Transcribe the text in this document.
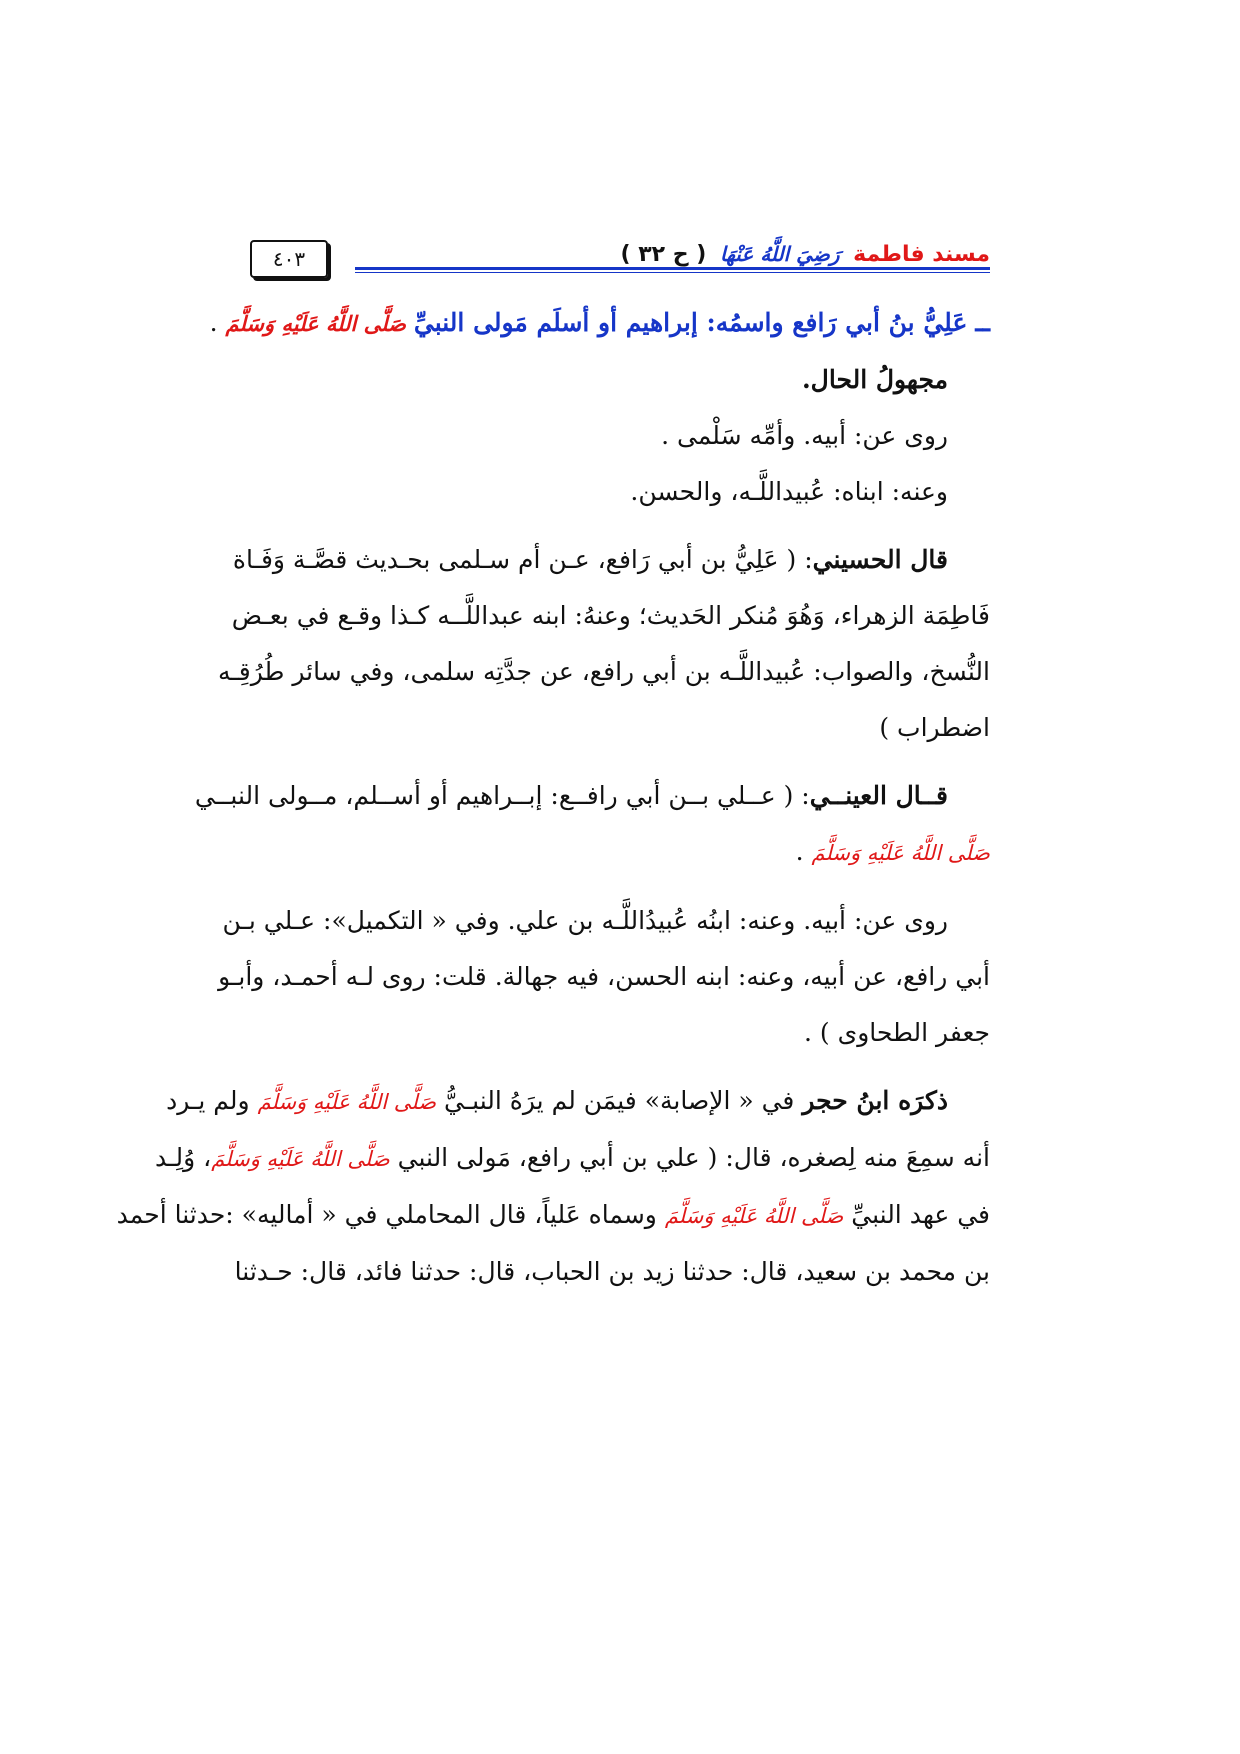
مسند فاطمة رَضِيَ اللَّهُ عَنْهَا ( ح ٣٢ )
٤٠٣

ــ عَلِيُّ بنُ أبي رَافع واسمُه: إبراهيم أو أسلَم مَولى النبيِّ صَلَّى اللَّهُ عَلَيْهِ وَسَلَّمَ .

مجهولُ الحال.

روى عن: أبيه. وأمِّه سَلْمى .

وعنه: ابناه: عُبيداللَّـه، والحسن.

قال الحسيني: ( عَلِيُّ بن أبي رَافع، عـن أم سـلمى بحـديث قصَّـة وَفَـاة

فَاطِمَة الزهراء، وَهُوَ مُنكر الحَديث؛ وعنهُ: ابنه عبداللَّــه كـذا وقـع في بعـض

النُّسخ، والصواب: عُبيداللَّـه بن أبي رافع، عن جدَّتِه سلمى، وفي سائر طُرُقِـه

اضطراب )

قــال العينــي: ( عــلي بــن أبي رافــع: إبــراهيم أو أســلم، مــولى النبــي

صَلَّى اللَّهُ عَلَيْهِ وَسَلَّمَ .

روى عن: أبيه. وعنه: ابنُه عُبيدُاللَّـه بن علي. وفي « التكميل»: عـلي بـن

أبي رافع، عن أبيه، وعنه: ابنه الحسن، فيه جهالة. قلت: روى لـه أحمـد، وأبـو

جعفر الطحاوى ) .

ذكرَه ابنُ حجر في « الإصابة» فيمَن لم يرَهُ النبـيُّ صَلَّى اللَّهُ عَلَيْهِ وَسَلَّمَ ولم يـرد

أنه سمِعَ منه لِصغره، قال: ( علي بن أبي رافع، مَولى النبي صَلَّى اللَّهُ عَلَيْهِ وَسَلَّمَ، وُلِـد

في عهد النبيِّ صَلَّى اللَّهُ عَلَيْهِ وَسَلَّمَ وسماه عَلياً، قال المحاملي في « أماليه» :حدثنا أحمد

بن محمد بن سعيد، قال: حدثنا زيد بن الحباب، قال: حدثنا فائد، قال: حـدثنا
